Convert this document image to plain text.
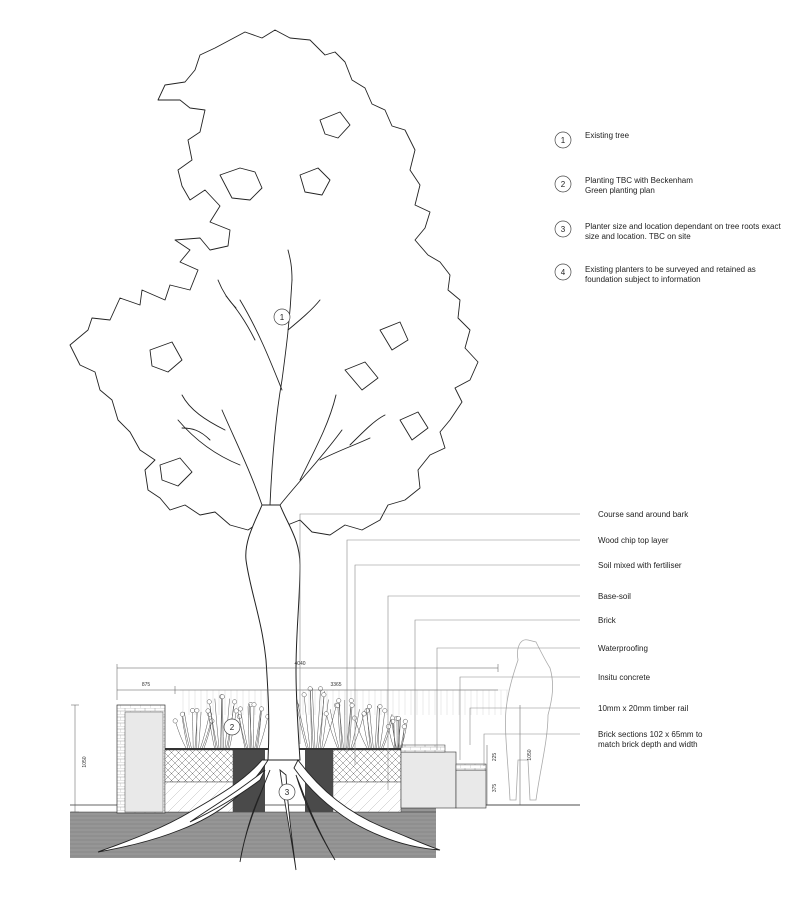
4040
875	3365
1050
1050
225
375
1
2
3
1
Existing tree
2 Planting TBC with Beckenham
Green planting plan
3 Planter size and location dependant on tree roots exact
size and location. TBC on site
4 Existing planters to be surveyed and retained as
foundation subject to information
Course sand around bark
Wood chip top layer
Soil mixed with fertiliser
Base-soil
Brick
Waterproofing
Insitu concrete
10mm x 20mm timber rail
Brick sections 102 x 65mm to
match brick depth and width
